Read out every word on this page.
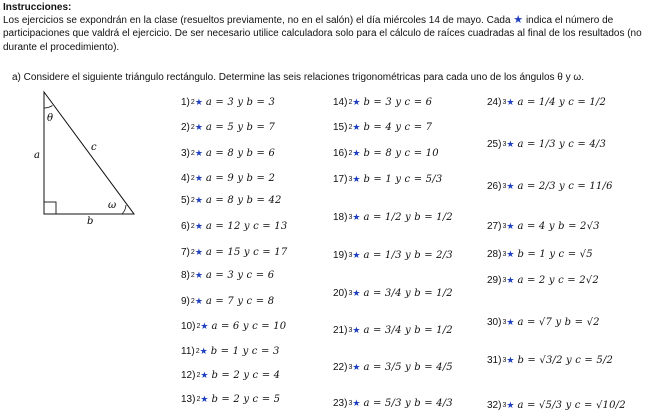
Instrucciones:
Los ejercicios se expondrán en la clase (resueltos previamente, no en el salón) el día miércoles 14 de mayo. Cada ★ indica el número de participaciones que valdrá el ejercicio. De ser necesario utilice calculadora solo para el cálculo de raíces cuadradas al final de los resultados (no durante el procedimiento).
a) Considere el siguiente triángulo rectángulo. Determine las seis relaciones trigonométricas para cada uno de los ángulos θ y ω.
θ
ω
a
b
c
1) 2 ★ a = 3 y b = 3
2) 2 ★ a = 5 y b = 7
3) 2 ★ a = 8 y b = 6
4) 2 ★ a = 9 y b = 2
5) 2 ★ a = 8 y b = 42
6) 2 ★ a = 12 y c = 13
7) 2 ★ a = 15 y c = 17
8) 2 ★ a = 3 y c = 6
9) 2 ★ a = 7 y c = 8
10) 2 ★ a = 6 y c = 10
11) 2 ★ b = 1 y c = 3
12) 2 ★ b = 2 y c = 4
13) 2 ★ b = 2 y c = 5
14) 2 ★ b = 3 y c = 6
15) 2 ★ b = 4 y c = 7
16) 2 ★ b = 8 y c = 10
17) 3 ★ b = 1 y c = 5/3
18) 3 ★ a = 1/2 y b = 1/2
19) 3 ★ a = 1/3 y b = 2/3
20) 3 ★ a = 3/4 y b = 1/2
21) 3 ★ a = 3/4 y b = 1/2
22) 3 ★ a = 3/5 y b = 4/5
23) 3 ★ a = 5/3 y b = 4/3
24) 3 ★ a = 1/4 y c = 1/2
25) 3 ★ a = 1/3 y c = 4/3
26) 3 ★ a = 2/3 y c = 11/6
27) 3 ★ a = 4 y b = 2√3
28) 3 ★ b = 1 y c = √5
29) 3 ★ a = 2 y c = 2√2
30) 3 ★ a = √7 y b = √2
31) 3 ★ b = √3/2 y c = 5/2
32) 3 ★ a = √5/3 y c = √10/2
